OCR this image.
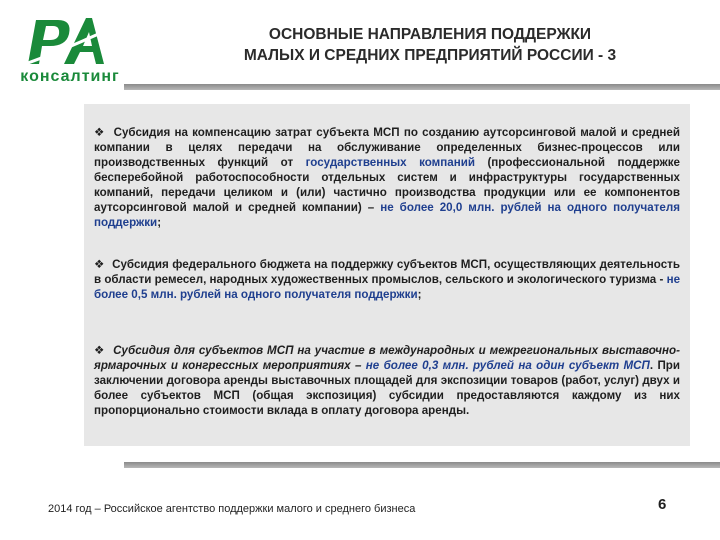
консалтинг
ОСНОВНЫЕ НАПРАВЛЕНИЯ ПОДДЕРЖКИ
МАЛЫХ И СРЕДНИХ ПРЕДПРИЯТИЙ РОССИИ - 3
❖ Субсидия на компенсацию затрат субъекта МСП по созданию аутсорсинговой малой и средней компании в целях передачи на обслуживание определенных бизнес-процессов или производственных функций от государственных компаний (профессиональной поддержке бесперебойной работоспособности отдельных систем и инфраструктуры государственных компаний, передачи целиком и (или) частично производства продукции или ее компонентов аутсорсинговой малой и средней компании) – не более 20,0 млн. рублей на одного получателя поддержки;
❖ Субсидия федерального бюджета на поддержку субъектов МСП, осуществляющих деятельность в области ремесел, народных художественных промыслов, сельского и экологического туризма - не более 0,5 млн. рублей на одного получателя поддержки;
❖ Субсидия для субъектов МСП на участие в международных и межрегиональных выставочно-ярмарочных и конгрессных мероприятиях – не более 0,3 млн. рублей на один субъект МСП. При заключении договора аренды выставочных площадей для экспозиции товаров (работ, услуг) двух и более субъектов МСП (общая экспозиция) субсидии предоставляются каждому из них пропорционально стоимости вклада в оплату договора аренды.
2014 год – Российское агентство поддержки малого и среднего бизнеса	6
